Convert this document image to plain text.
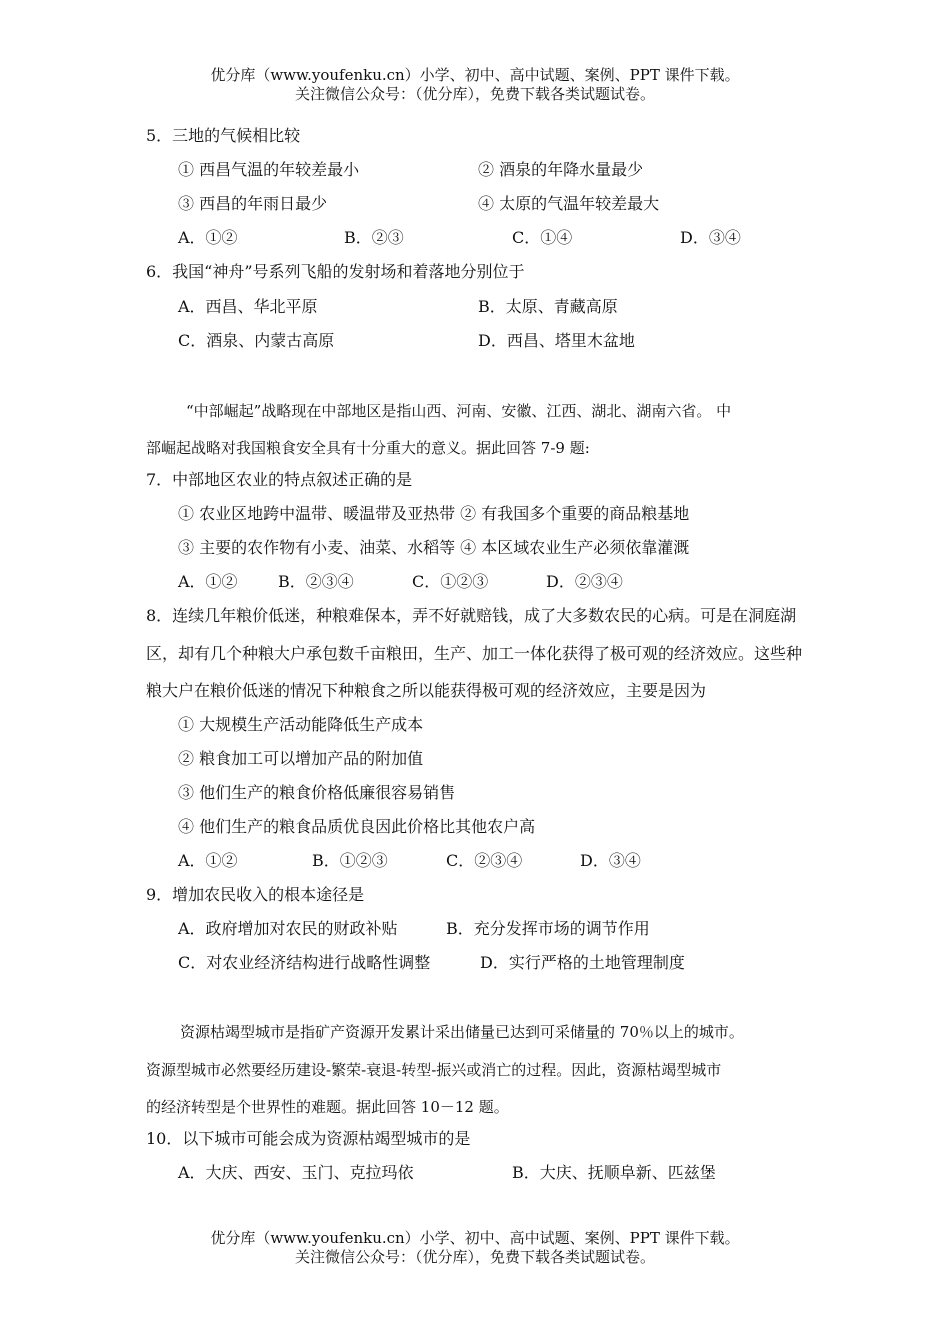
优分库（www.youfenku.cn）小学、初中、高中试题、案例、PPT 课件下载。
关注微信公众号：（优分库），免费下载各类试题试卷。
5．三地的气候相比较
① 西昌气温的年较差最小	② 酒泉的年降水量最少
③ 西昌的年雨日最少	④ 太原的气温年较差最大
A．①②	B．②③	C．①④	D．③④
6．我国“神舟”号系列飞船的发射场和着落地分别位于
A．西昌、华北平原	B．太原、青藏高原
C．酒泉、内蒙古高原	D．西昌、塔里木盆地
“中部崛起”战略现在中部地区是指山西、河南、安徽、江西、湖北、湖南六省。 中
部崛起战略对我国粮食安全具有十分重大的意义。据此回答 7-9 题:
7．中部地区农业的特点叙述正确的是
① 农业区地跨中温带、暖温带及亚热带 ② 有我国多个重要的商品粮基地
③ 主要的农作物有小麦、油菜、水稻等 ④ 本区域农业生产必须依靠灌溉
A．①②	B．②③④	C．①②③	D．②③④
8．连续几年粮价低迷，种粮难保本，弄不好就赔钱，成了大多数农民的心病。可是在洞庭湖
区，却有几个种粮大户承包数千亩粮田，生产、加工一体化获得了极可观的经济效应。这些种
粮大户在粮价低迷的情况下种粮食之所以能获得极可观的经济效应，主要是因为
① 大规模生产活动能降低生产成本
② 粮食加工可以增加产品的附加值
③ 他们生产的粮食价格低廉很容易销售
④ 他们生产的粮食品质优良因此价格比其他农户高
A．①②	B．①②③	C．②③④	D．③④
9．增加农民收入的根本途径是
A．政府增加对农民的财政补贴	B．充分发挥市场的调节作用
C．对农业经济结构进行战略性调整	D．实行严格的土地管理制度
资源枯竭型城市是指矿产资源开发累计采出储量已达到可采储量的 70％以上的城市。
资源型城市必然要经历建设-繁荣-衰退-转型-振兴或消亡的过程。因此，资源枯竭型城市
的经济转型是个世界性的难题。据此回答 10－12 题。
10．以下城市可能会成为资源枯竭型城市的是
A．大庆、西安、玉门、克拉玛依	B．大庆、抚顺阜新、匹兹堡
优分库（www.youfenku.cn）小学、初中、高中试题、案例、PPT 课件下载。
关注微信公众号：（优分库），免费下载各类试题试卷。
